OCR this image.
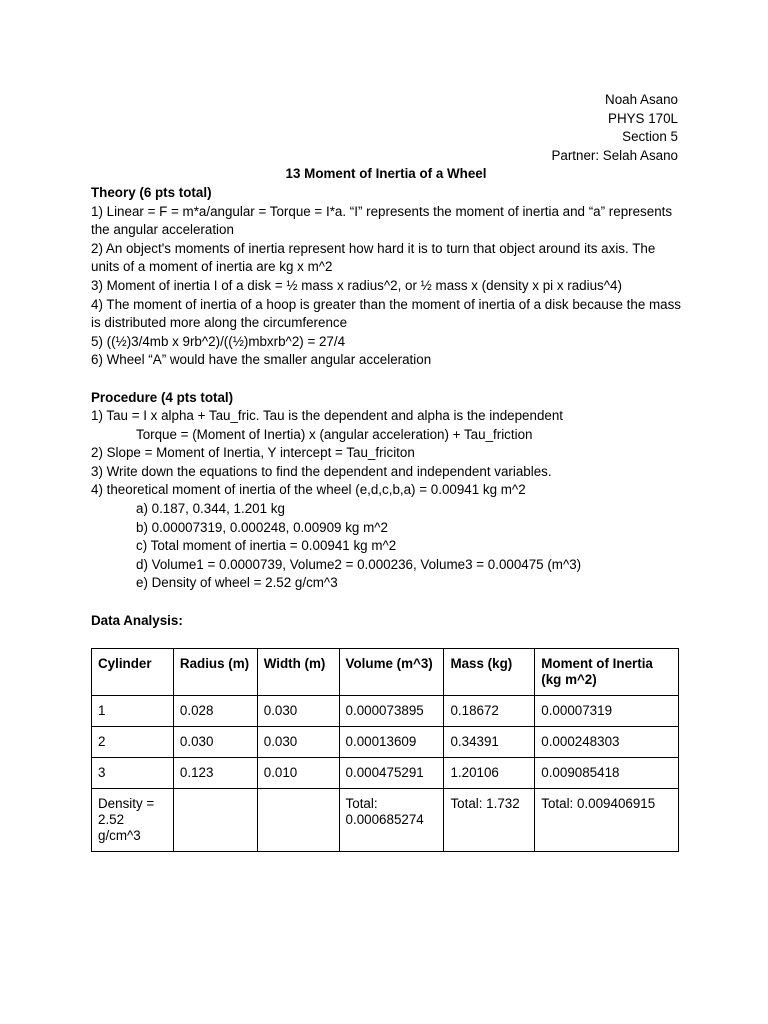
Noah Asano
PHYS 170L
Section 5
Partner: Selah Asano
13 Moment of Inertia of a Wheel
Theory (6 pts total)
1) Linear = F = m*a/angular = Torque = I*a. “I” represents the moment of inertia and “a” represents the angular acceleration
2) An object's moments of inertia represent how hard it is to turn that object around its axis. The units of a moment of inertia are kg x m^2
3) Moment of inertia I of a disk = ½ mass x radius^2, or ½ mass x (density x pi x radius^4)
4) The moment of inertia of a hoop is greater than the moment of inertia of a disk because the mass is distributed more along the circumference
5) ((½)3/4mb x 9rb^2)/((½)mbxrb^2) = 27/4
6) Wheel “A” would have the smaller angular acceleration
Procedure (4 pts total)
1) Tau = I x alpha + Tau_fric. Tau is the dependent and alpha is the independent
Torque = (Moment of Inertia) x (angular acceleration) + Tau_friction
2) Slope = Moment of Inertia, Y intercept = Tau_friciton
3) Write down the equations to find the dependent and independent variables.
4) theoretical moment of inertia of the wheel (e,d,c,b,a) = 0.00941 kg m^2
a) 0.187, 0.344, 1.201 kg
b) 0.00007319, 0.000248, 0.00909 kg m^2
c) Total moment of inertia = 0.00941 kg m^2
d) Volume1 = 0.0000739, Volume2 = 0.000236, Volume3 = 0.000475 (m^3)
e) Density of wheel = 2.52 g/cm^3
Data Analysis:
Cylinder	Radius (m)	Width (m)	Volume (m^3)	Mass (kg)	Moment of Inertia (kg m^2)
1	0.028	0.030	0.000073895	0.18672	0.00007319
2	0.030	0.030	0.00013609	0.34391	0.000248303
3	0.123	0.010	0.000475291	1.20106	0.009085418
Density = 2.52 g/cm^3			Total: 0.000685274	Total: 1.732	Total: 0.009406915
